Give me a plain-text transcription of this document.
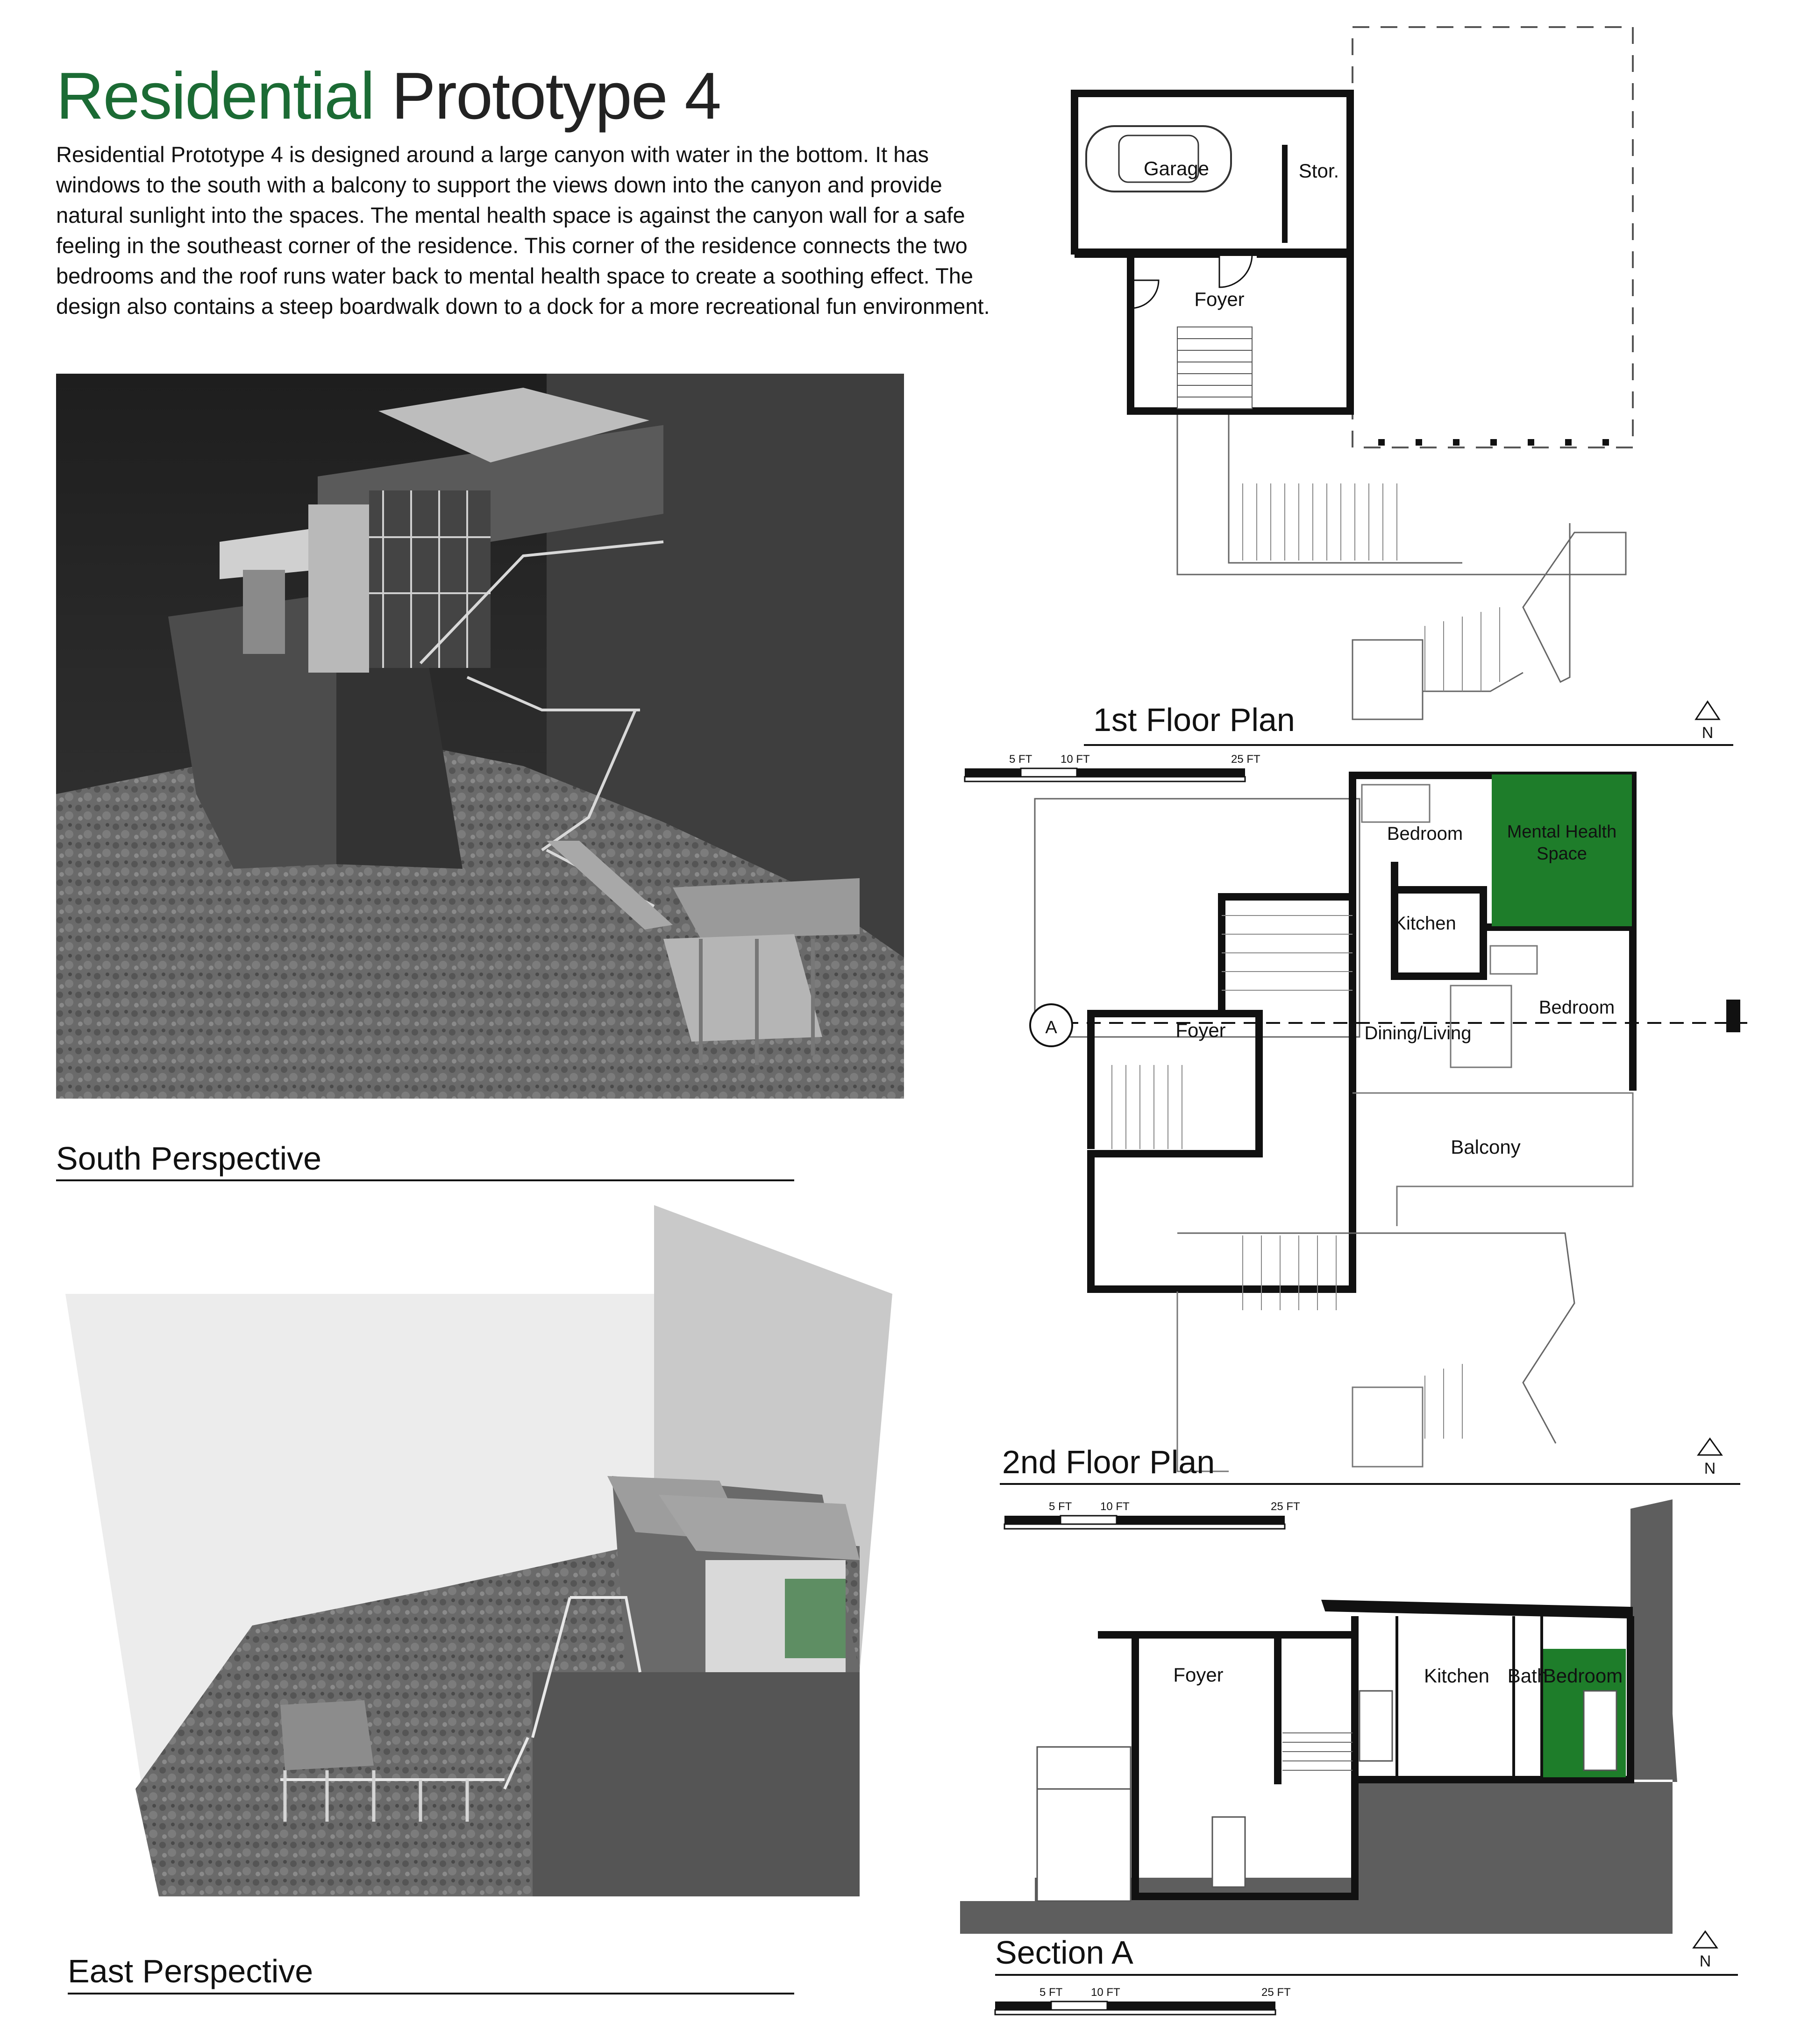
Residential Prototype 4
Residential Prototype 4 is designed around a large canyon with water in the bottom. It has windows to the south with a balcony to support the views down into the canyon and provide natural sunlight into the spaces. The mental health space is against the canyon wall for a safe feeling in the southeast corner of the residence. This corner of the residence connects the two bedrooms and the roof runs water back to mental health space to create a soothing effect. The design also contains a steep boardwalk down to a dock for a more recreational fun environment.
South Perspective
East Perspective
Garage	Stor.
Foyer
1st Floor Plan	N
5 FT	10 FT	25 FT
Mental Health
Space
Bedroom
Kitchen
Bedroom
Foyer	Dining/Living
Balcony
A
2nd Floor Plan	N
5 FT	10 FT	25 FT
Foyer	Kitchen Bath
Bedroom
Section A	N
5 FT	10 FT	25 FT
